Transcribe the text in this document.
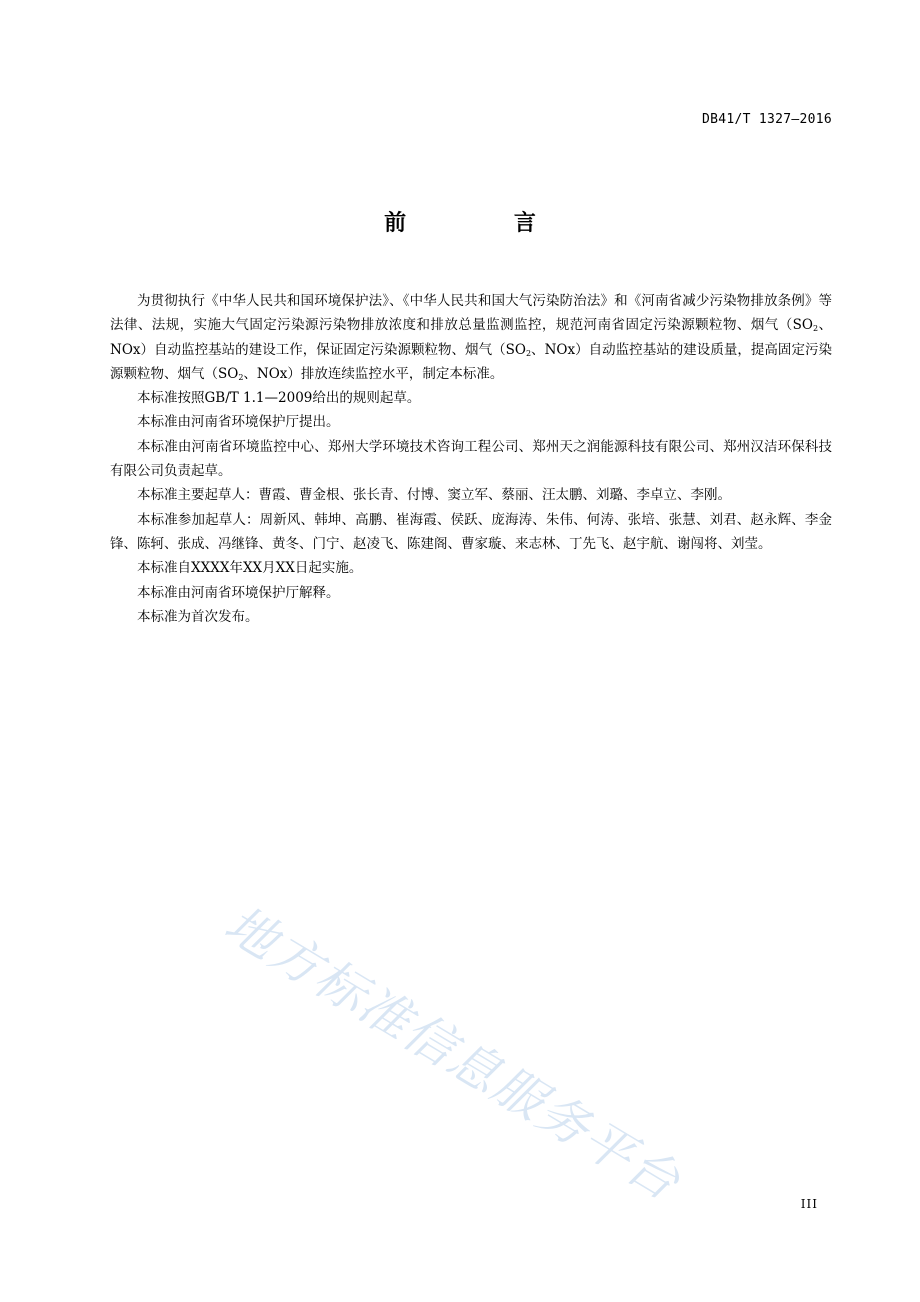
DB41/T 1327—2016
前 言

为贯彻执行《中华人民共和国环境保护法》、《中华人民共和国大气污染防治法》和《河南省减少污染物排放条例》等法律、法规，实施大气固定污染源污染物排放浓度和排放总量监测监控，规范河南省固定污染源颗粒物、烟气（$SO_2$、NOx）自动监控基站的建设工作，保证固定污染源颗粒物、烟气（$SO_2$、NOx）自动监控基站的建设质量，提高固定污染源颗粒物、烟气（$SO_2$、NOx）排放连续监控水平，制定本标准。

本标准按照GB/T 1.1—2009给出的规则起草。

本标准由河南省环境保护厅提出。

本标准由河南省环境监控中心、郑州大学环境技术咨询工程公司、郑州天之润能源科技有限公司、郑州汉洁环保科技有限公司负责起草。

本标准主要起草人：曹霞、曹金根、张长青、付博、窦立军、蔡丽、汪太鹏、刘璐、李卓立、李刚。

本标准参加起草人：周新风、韩坤、高鹏、崔海霞、侯跃、庞海涛、朱伟、何涛、张培、张慧、刘君、赵永辉、李金锋、陈轲、张成、冯继锋、黄冬、门宁、赵凌飞、陈建阁、曹家璇、来志林、丁先飞、赵宇航、谢闯将、刘莹。

本标准自XXXX年XX月XX日起实施。

本标准由河南省环境保护厅解释。

本标准为首次发布。

地方标准信息服务平台	III
